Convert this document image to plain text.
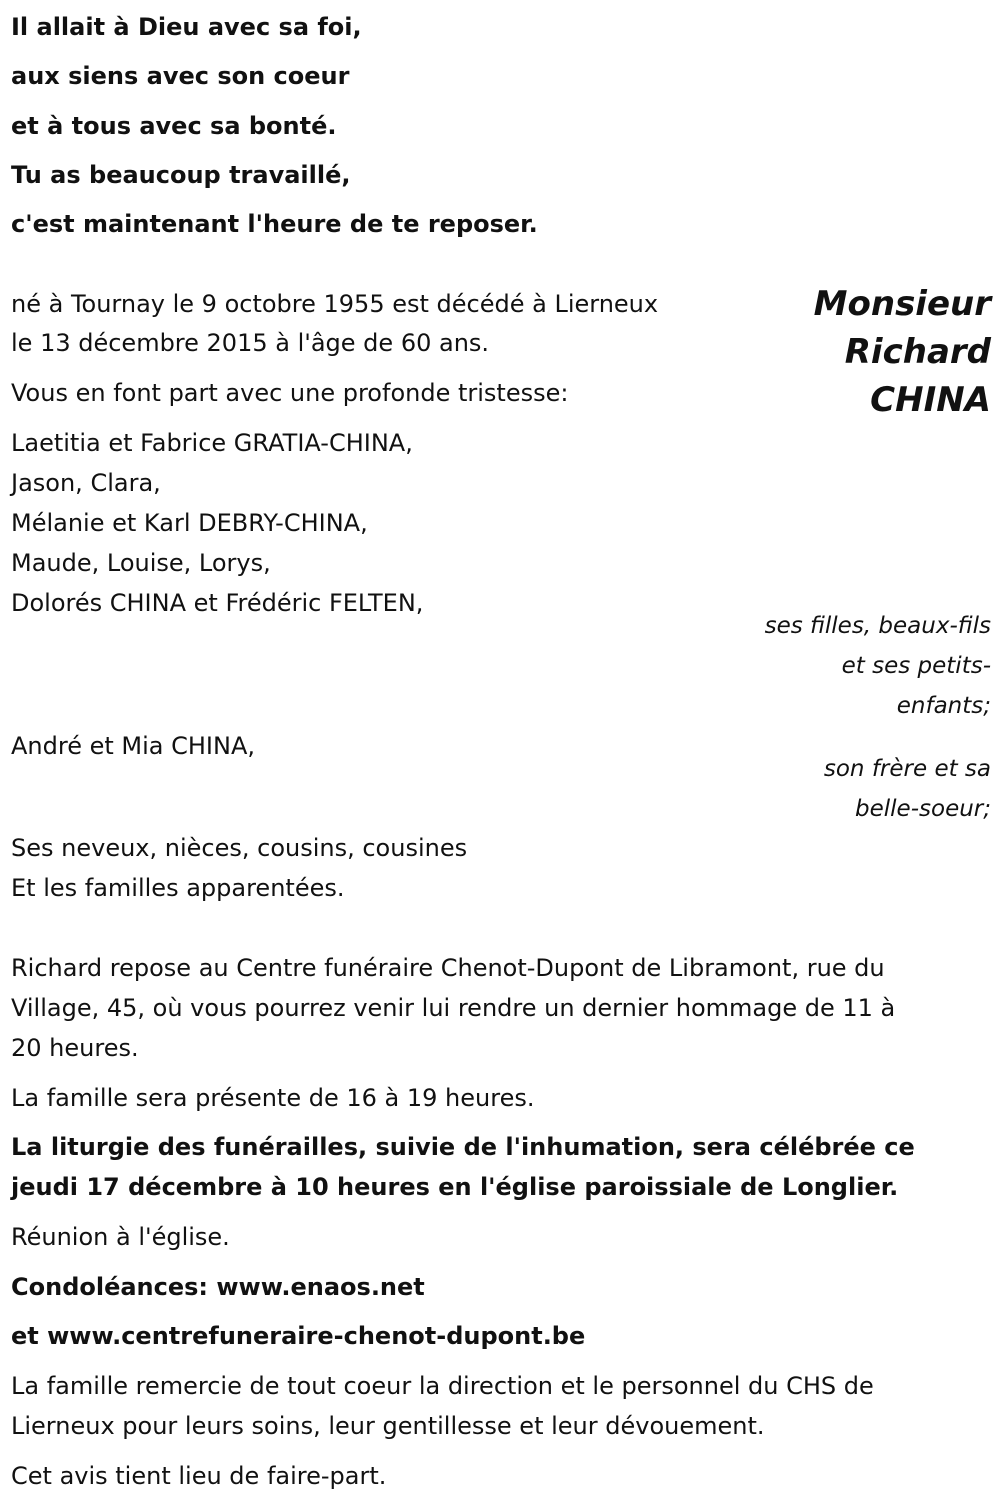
Il allait à Dieu avec sa foi,
aux siens avec son coeur
et à tous avec sa bonté.
Tu as beaucoup travaillé,
c'est maintenant l'heure de te reposer.
Monsieur
Richard
CHINA
né à Tournay le 9 octobre 1955 est décédé à Lierneux
le 13 décembre 2015 à l'âge de 60 ans.
Vous en font part avec une profonde tristesse:
Laetitia et Fabrice GRATIA-CHINA,
Jason, Clara,
Mélanie et Karl DEBRY-CHINA,
Maude, Louise, Lorys,
Dolorés CHINA et Frédéric FELTEN,
ses filles, beaux-fils
et ses petits-
enfants;
André et Mia CHINA,
son frère et sa
belle-soeur;
Ses neveux, nièces, cousins, cousines
Et les familles apparentées.
Richard repose au Centre funéraire Chenot-Dupont de Libramont, rue du
Village, 45, où vous pourrez venir lui rendre un dernier hommage de 11 à
20 heures.
La famille sera présente de 16 à 19 heures.
La liturgie des funérailles, suivie de l'inhumation, sera célébrée ce
jeudi 17 décembre à 10 heures en l'église paroissiale de Longlier.
Réunion à l'église.
Condoléances: www.enaos.net
et www.centrefuneraire-chenot-dupont.be
La famille remercie de tout coeur la direction et le personnel du CHS de
Lierneux pour leurs soins, leur gentillesse et leur dévouement.
Cet avis tient lieu de faire-part.
